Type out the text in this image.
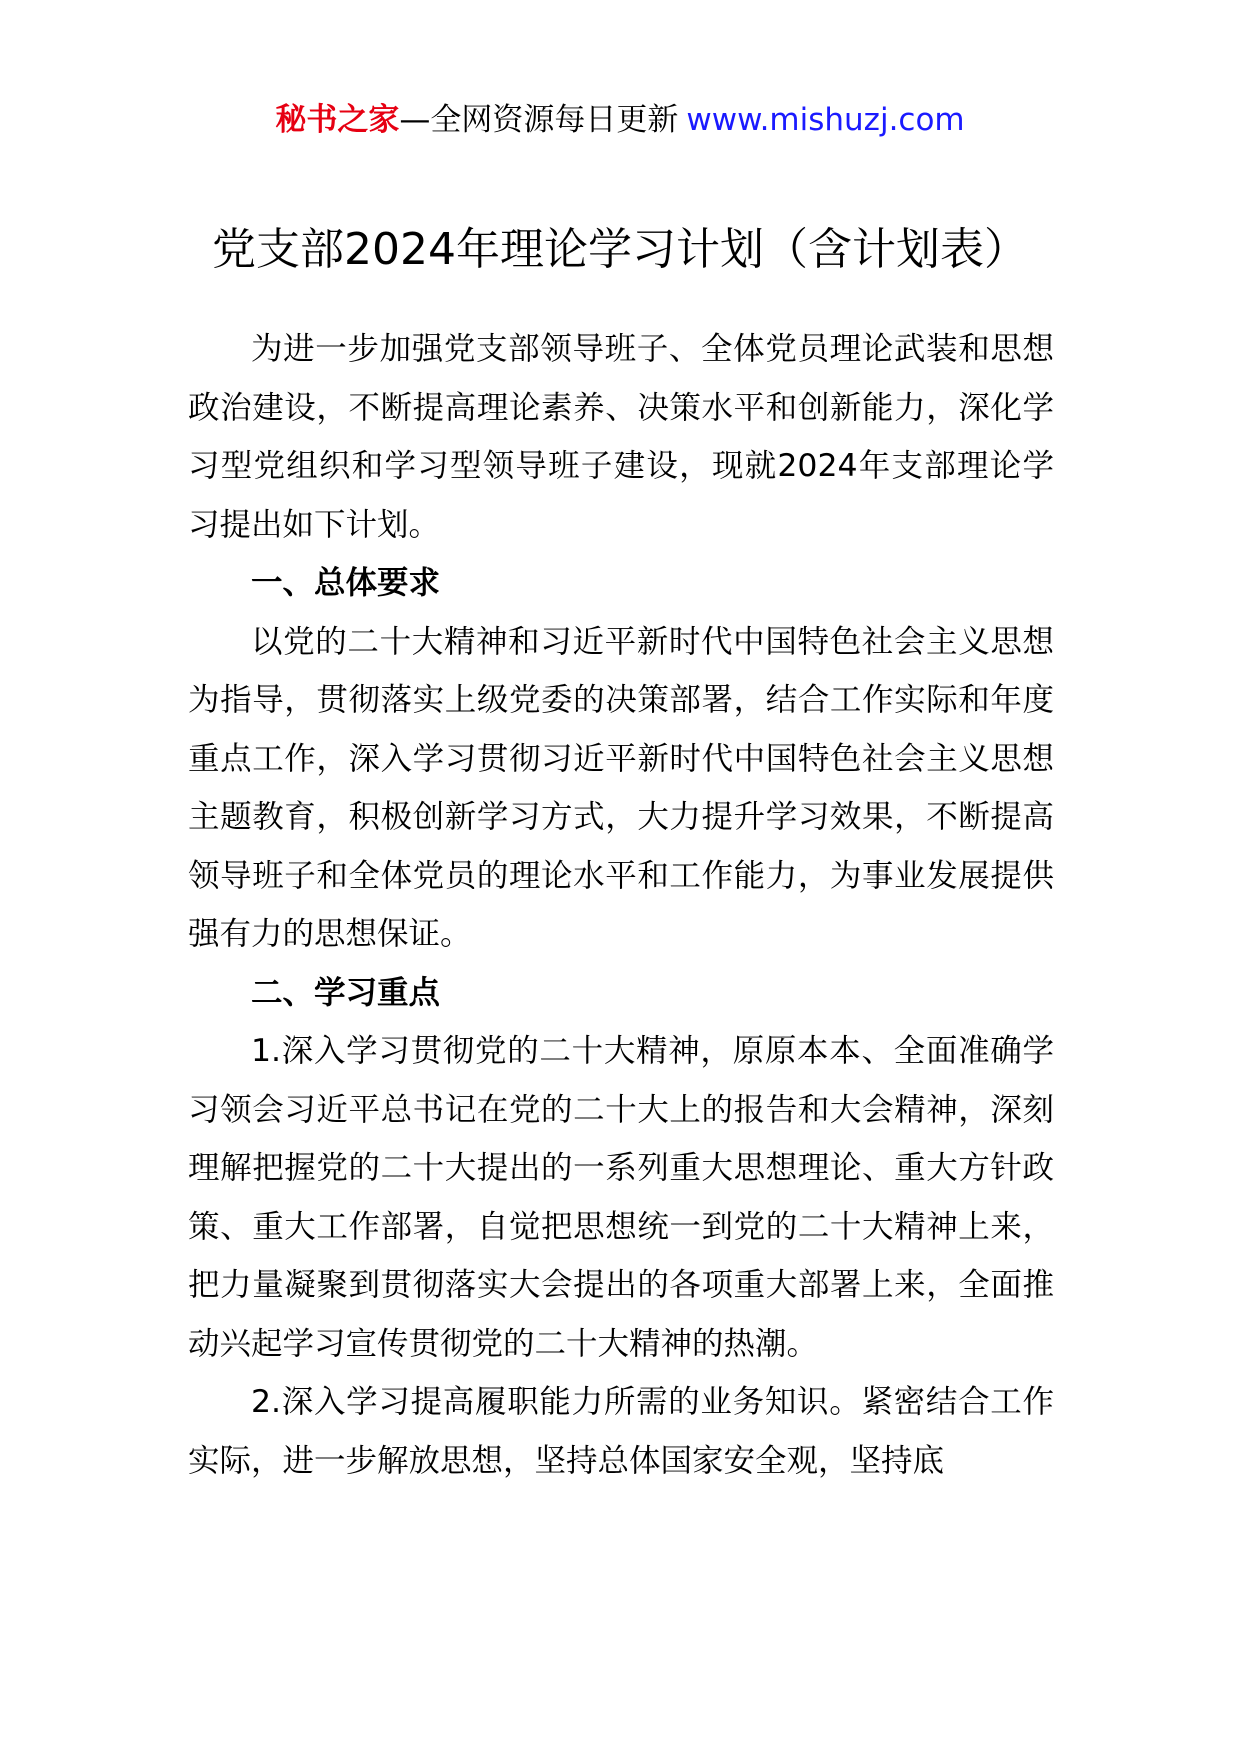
秘书之家—全网资源每日更新 www.mishuzj.com
党支部2024年理论学习计划（含计划表）

为进一步加强党支部领导班子、全体党员理论武装和思想政治建设，不断提高理论素养、决策水平和创新能力，深化学习型党组织和学习型领导班子建设，现就2024年支部理论学习提出如下计划。

一、总体要求

以党的二十大精神和习近平新时代中国特色社会主义思想为指导，贯彻落实上级党委的决策部署，结合工作实际和年度重点工作，深入学习贯彻习近平新时代中国特色社会主义思想主题教育，积极创新学习方式，大力提升学习效果，不断提高领导班子和全体党员的理论水平和工作能力，为事业发展提供强有力的思想保证。

二、学习重点

1.深入学习贯彻党的二十大精神，原原本本、全面准确学习领会习近平总书记在党的二十大上的报告和大会精神，深刻理解把握党的二十大提出的一系列重大思想理论、重大方针政策、重大工作部署，自觉把思想统一到党的二十大精神上来，把力量凝聚到贯彻落实大会提出的各项重大部署上来，全面推动兴起学习宣传贯彻党的二十大精神的热潮。

2.深入学习提高履职能力所需的业务知识。紧密结合工作实际，进一步解放思想，坚持总体国家安全观，坚持底
